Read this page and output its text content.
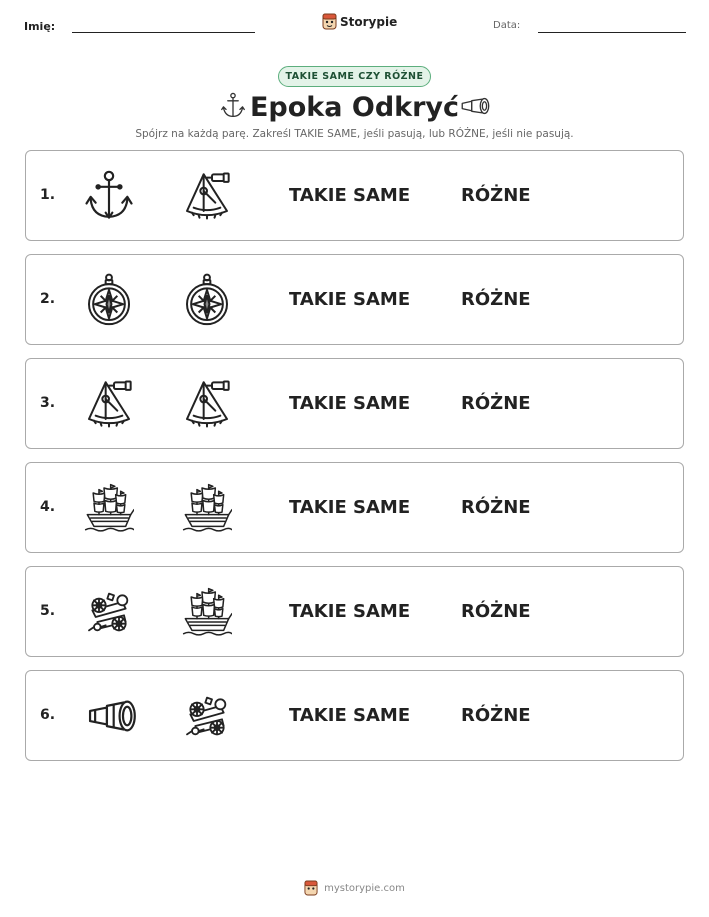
Imię:	Storypie	Data:
TAKIE SAME CZY RÓŻNE
Epoka Odkryć
Spójrz na każdą parę. Zakreśl TAKIE SAME, jeśli pasują, lub RÓŻNE, jeśli nie pasują.
1.	TAKIE SAME	RÓŻNE
2.	TAKIE SAME	RÓŻNE
3.	TAKIE SAME	RÓŻNE
4.	TAKIE SAME	RÓŻNE
5.	TAKIE SAME	RÓŻNE
6.	TAKIE SAME	RÓŻNE
mystorypie.com
